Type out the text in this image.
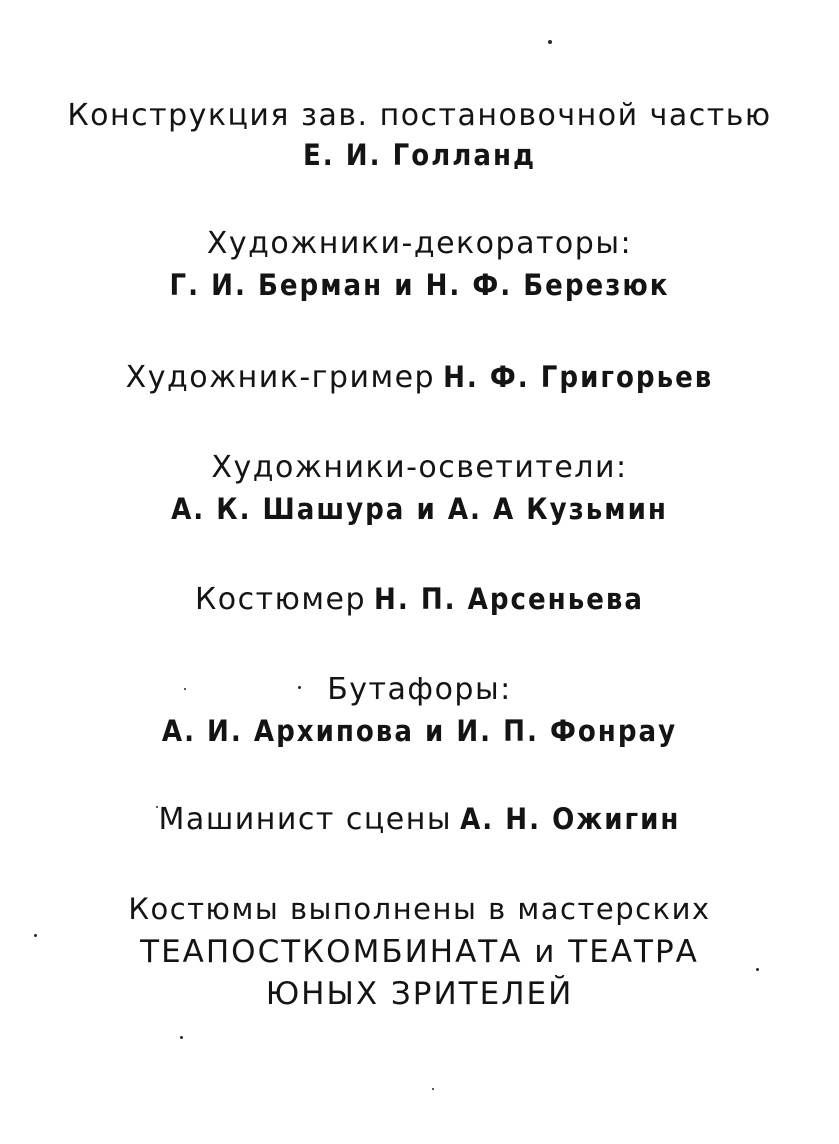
Конструкция зав. постановочной частью
Е. И. Голланд
Художники-декораторы:
Г. И. Берман и Н. Ф. Березюк
Художник-гример Н. Ф. Григорьев
Художники-осветители:
А. К. Шашура и А. А Кузьмин
Костюмер Н. П. Арсеньева
Бутафоры:
А. И. Архипова и И. П. Фонрау
Машинист сцены А. Н. Ожигин
Костюмы выполнены в мастерских
ТЕАПОСТКОМБИНАТА и ТЕАТРА
ЮНЫХ ЗРИТЕЛЕЙ
